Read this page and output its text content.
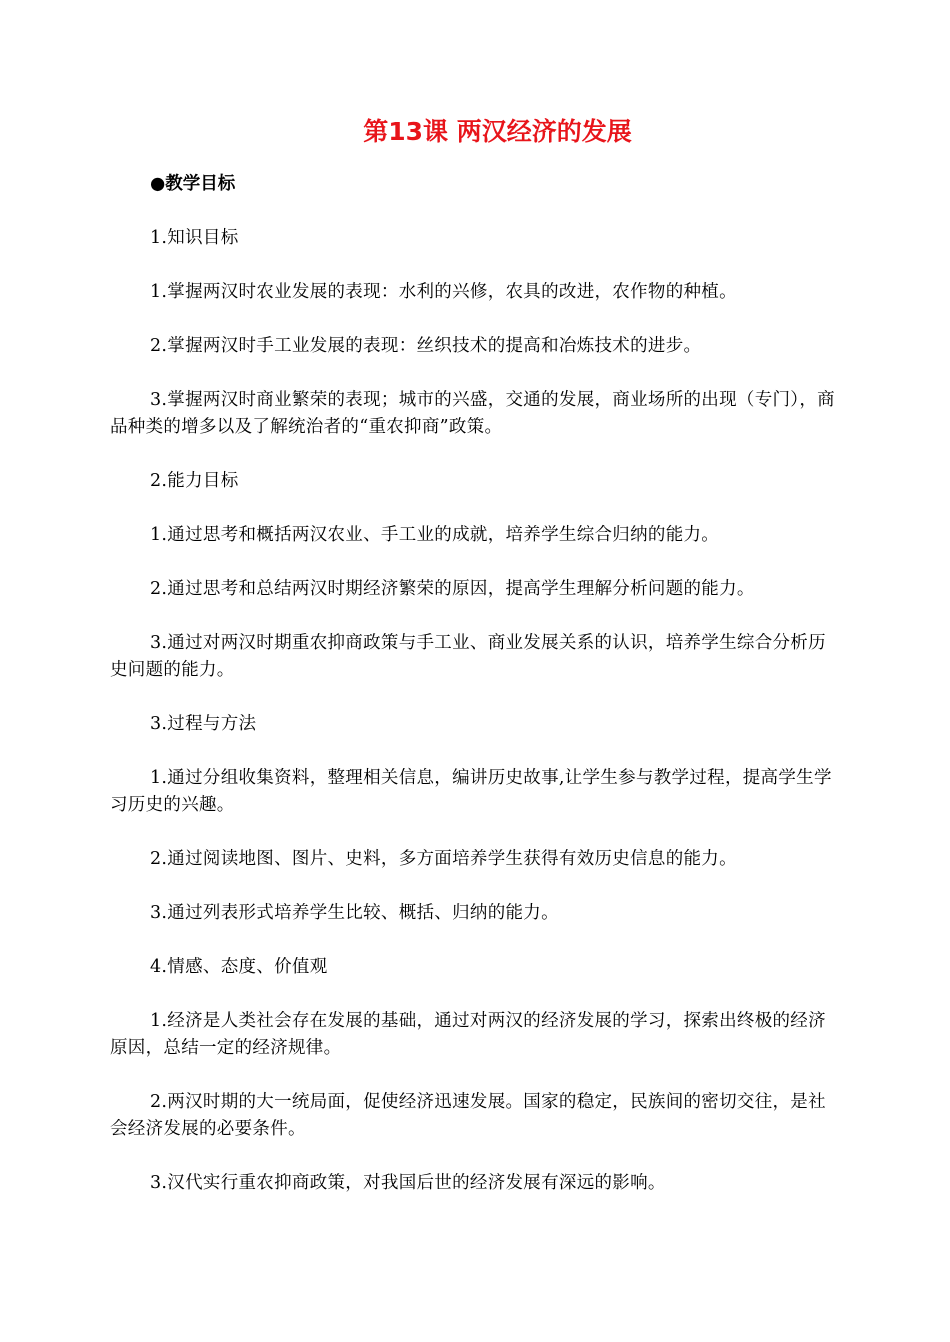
第13课 两汉经济的发展
●教学目标

1.知识目标

1.掌握两汉时农业发展的表现：水利的兴修，农具的改进，农作物的种植。

2.掌握两汉时手工业发展的表现：丝织技术的提高和冶炼技术的进步。

3.掌握两汉时商业繁荣的表现；城市的兴盛，交通的发展，商业场所的出现（专门），商品种类的增多以及了解统治者的“重农抑商”政策。

2.能力目标

1.通过思考和概括两汉农业、手工业的成就，培养学生综合归纳的能力。

2.通过思考和总结两汉时期经济繁荣的原因，提高学生理解分析问题的能力。

3.通过对两汉时期重农抑商政策与手工业、商业发展关系的认识，培养学生综合分析历史问题的能力。

3.过程与方法

1.通过分组收集资料，整理相关信息，编讲历史故事,让学生参与教学过程，提高学生学习历史的兴趣。

2.通过阅读地图、图片、史料，多方面培养学生获得有效历史信息的能力。

3.通过列表形式培养学生比较、概括、归纳的能力。

4.情感、态度、价值观

1.经济是人类社会存在发展的基础，通过对两汉的经济发展的学习，探索出终极的经济原因，总结一定的经济规律。

2.两汉时期的大一统局面，促使经济迅速发展。国家的稳定，民族间的密切交往，是社会经济发展的必要条件。

3.汉代实行重农抑商政策，对我国后世的经济发展有深远的影响。
